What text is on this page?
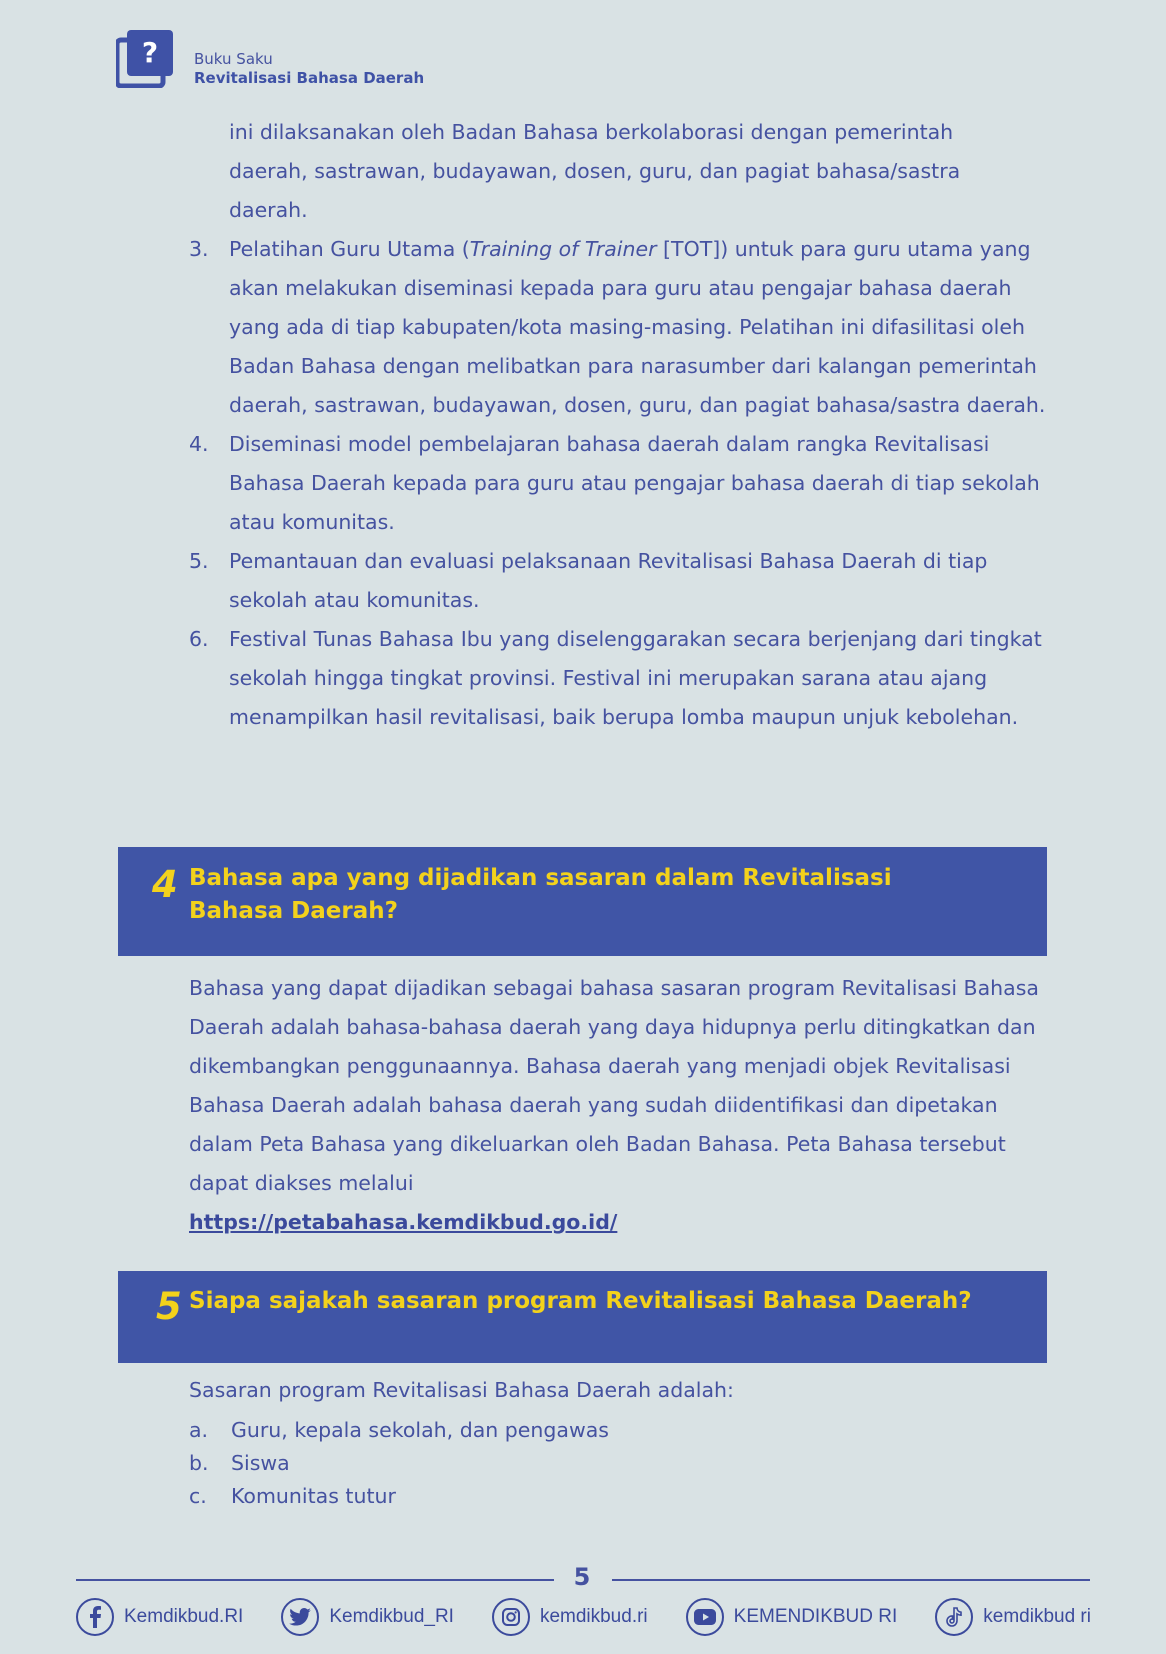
? Buku Saku
Revitalisasi Bahasa Daerah
ini dilaksanakan oleh Badan Bahasa berkolaborasi dengan pemerintah
daerah, sastrawan, budayawan, dosen, guru, dan pagiat bahasa/sastra
daerah.
3. Pelatihan Guru Utama (Training of Trainer [TOT]) untuk para guru utama yang akan melakukan diseminasi kepada para guru atau pengajar bahasa daerah yang ada di tiap kabupaten/kota masing-masing. Pelatihan ini difasilitasi oleh Badan Bahasa dengan melibatkan para narasumber dari kalangan pemerintah daerah, sastrawan, budayawan, dosen, guru, dan pagiat bahasa/sastra daerah.
4. Diseminasi model pembelajaran bahasa daerah dalam rangka Revitalisasi Bahasa Daerah kepada para guru atau pengajar bahasa daerah di tiap sekolah atau komunitas.
5. Pemantauan dan evaluasi pelaksanaan Revitalisasi Bahasa Daerah di tiap sekolah atau komunitas.
6. Festival Tunas Bahasa Ibu yang diselenggarakan secara berjenjang dari tingkat sekolah hingga tingkat provinsi. Festival ini merupakan sarana atau ajang menampilkan hasil revitalisasi, baik berupa lomba maupun unjuk kebolehan.
4 Bahasa apa yang dijadikan sasaran dalam Revitalisasi
Bahasa Daerah?
Bahasa yang dapat dijadikan sebagai bahasa sasaran program Revitalisasi Bahasa Daerah adalah bahasa-bahasa daerah yang daya hidupnya perlu ditingkatkan dan dikembangkan penggunaannya. Bahasa daerah yang menjadi objek Revitalisasi Bahasa Daerah adalah bahasa daerah yang sudah diidentifikasi dan dipetakan dalam Peta Bahasa yang dikeluarkan oleh Badan Bahasa. Peta Bahasa tersebut dapat diakses melalui
https://petabahasa.kemdikbud.go.id/
5 Siapa sajakah sasaran program Revitalisasi Bahasa Daerah?
Sasaran program Revitalisasi Bahasa Daerah adalah:
a.	Guru, kepala sekolah, dan pengawas
b.	Siswa
c.	Komunitas tutur
5
Kemdikbud.RI	Kemdikbud_RI	kemdikbud.ri	KEMENDIKBUD RI	kemdikbud ri
